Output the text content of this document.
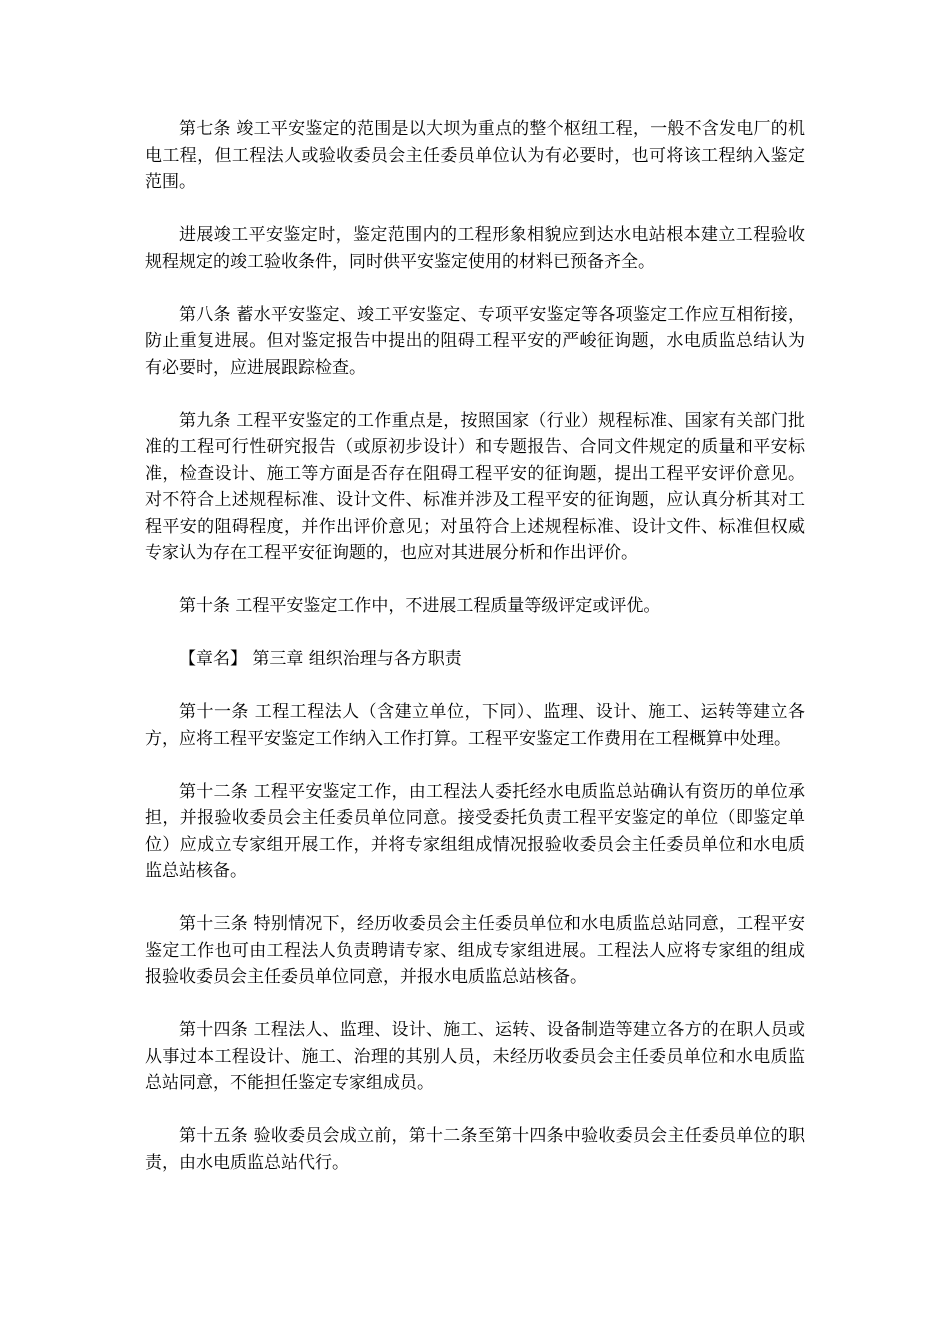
第七条 竣工平安鉴定的范围是以大坝为重点的整个枢纽工程，一般不含发电厂的机电工程，但工程法人或验收委员会主任委员单位认为有必要时，也可将该工程纳入鉴定范围。

进展竣工平安鉴定时，鉴定范围内的工程形象相貌应到达水电站根本建立工程验收规程规定的竣工验收条件，同时供平安鉴定使用的材料已预备齐全。

第八条 蓄水平安鉴定、竣工平安鉴定、专项平安鉴定等各项鉴定工作应互相衔接，防止重复进展。但对鉴定报告中提出的阻碍工程平安的严峻征询题，水电质监总结认为有必要时，应进展跟踪检查。

第九条 工程平安鉴定的工作重点是，按照国家（行业）规程标准、国家有关部门批准的工程可行性研究报告（或原初步设计）和专题报告、合同文件规定的质量和平安标准，检查设计、施工等方面是否存在阻碍工程平安的征询题，提出工程平安评价意见。对不符合上述规程标准、设计文件、标准并涉及工程平安的征询题，应认真分析其对工程平安的阻碍程度，并作出评价意见；对虽符合上述规程标准、设计文件、标准但权威专家认为存在工程平安征询题的，也应对其进展分析和作出评价。

第十条 工程平安鉴定工作中，不进展工程质量等级评定或评优。

【章名】 第三章 组织治理与各方职责

第十一条 工程工程法人（含建立单位，下同）、监理、设计、施工、运转等建立各方，应将工程平安鉴定工作纳入工作打算。工程平安鉴定工作费用在工程概算中处理。

第十二条 工程平安鉴定工作，由工程法人委托经水电质监总站确认有资历的单位承担，并报验收委员会主任委员单位同意。接受委托负责工程平安鉴定的单位（即鉴定单位）应成立专家组开展工作，并将专家组组成情况报验收委员会主任委员单位和水电质监总站核备。

第十三条 特别情况下，经历收委员会主任委员单位和水电质监总站同意，工程平安鉴定工作也可由工程法人负责聘请专家、组成专家组进展。工程法人应将专家组的组成报验收委员会主任委员单位同意，并报水电质监总站核备。

第十四条 工程法人、监理、设计、施工、运转、设备制造等建立各方的在职人员或从事过本工程设计、施工、治理的其别人员，未经历收委员会主任委员单位和水电质监总站同意，不能担任鉴定专家组成员。

第十五条 验收委员会成立前，第十二条至第十四条中验收委员会主任委员单位的职责，由水电质监总站代行。
